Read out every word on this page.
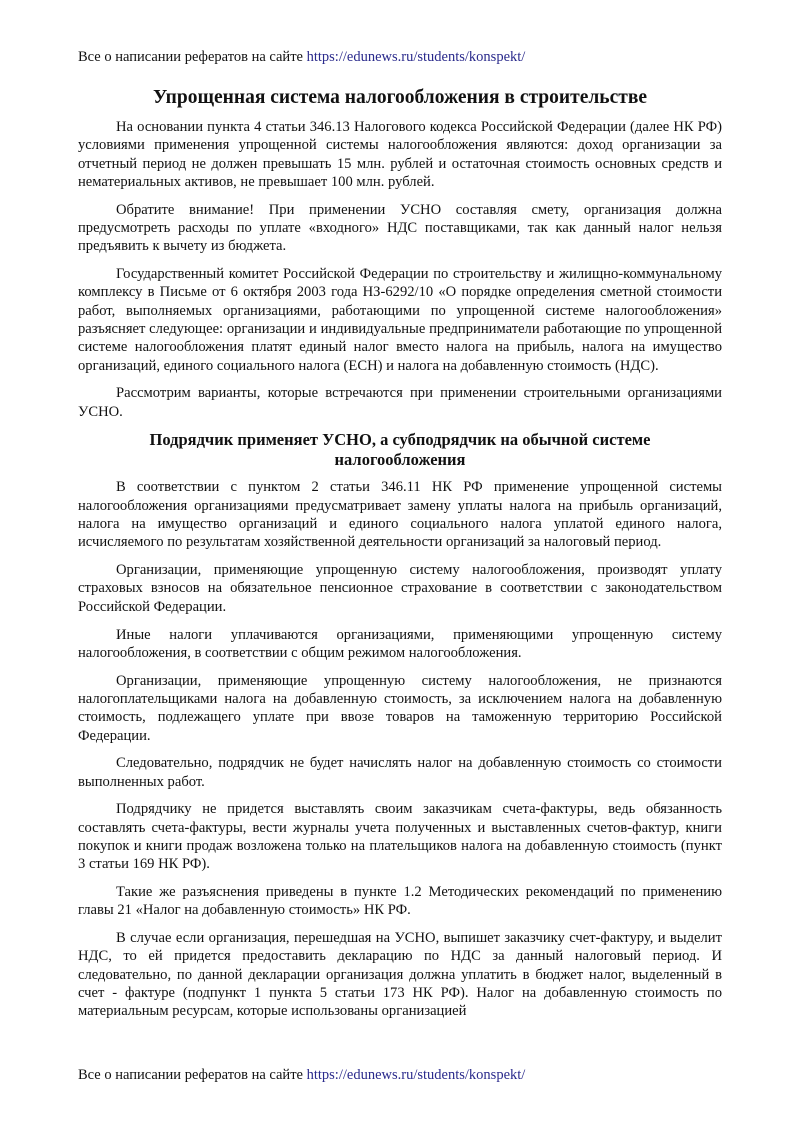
Все о написании рефератов на сайте https://edunews.ru/students/konspekt/
Упрощенная система налогообложения в строительстве

На основании пункта 4 статьи 346.13 Налогового кодекса Российской Федерации (далее НК РФ) условиями применения упрощенной системы налогообложения являются: доход организации за отчетный период не должен превышать 15 млн. рублей и остаточная стоимость основных средств и нематериальных активов, не превышает 100 млн. рублей.

Обратите внимание! При применении УСНО составляя смету, организация должна предусмотреть расходы по уплате «входного» НДС поставщиками, так как данный налог нельзя предъявить к вычету из бюджета.

Государственный комитет Российской Федерации по строительству и жилищно-коммунальному комплексу в Письме от 6 октября 2003 года НЗ-6292/10 «О порядке определения сметной стоимости работ, выполняемых организациями, работающими по упрощенной системе налогообложения» разъясняет следующее: организации и индивидуальные предприниматели работающие по упрощенной системе налогообложения платят единый налог вместо налога на прибыль, налога на имущество организаций, единого социального налога (ЕСН) и налога на добавленную стоимость (НДС).

Рассмотрим варианты, которые встречаются при применении строительными организациями УСНО.

Подрядчик применяет УСНО, а субподрядчик на обычной системе налогообложения

В соответствии с пунктом 2 статьи 346.11 НК РФ применение упрощенной системы налогообложения организациями предусматривает замену уплаты налога на прибыль организаций, налога на имущество организаций и единого социального налога уплатой единого налога, исчисляемого по результатам хозяйственной деятельности организаций за налоговый период.

Организации, применяющие упрощенную систему налогообложения, производят уплату страховых взносов на обязательное пенсионное страхование в соответствии с законодательством Российской Федерации.

Иные налоги уплачиваются организациями, применяющими упрощенную систему налогообложения, в соответствии с общим режимом налогообложения.

Организации, применяющие упрощенную систему налогообложения, не признаются налогоплательщиками налога на добавленную стоимость, за исключением налога на добавленную стоимость, подлежащего уплате при ввозе товаров на таможенную территорию Российской Федерации.

Следовательно, подрядчик не будет начислять налог на добавленную стоимость со стоимости выполненных работ.

Подрядчику не придется выставлять своим заказчикам счета-фактуры, ведь обязанность составлять счета-фактуры, вести журналы учета полученных и выставленных счетов-фактур, книги покупок и книги продаж возложена только на плательщиков налога на добавленную стоимость (пункт 3 статьи 169 НК РФ).

Такие же разъяснения приведены в пункте 1.2 Методических рекомендаций по применению главы 21 «Налог на добавленную стоимость» НК РФ.

В случае если организация, перешедшая на УСНО, выпишет заказчику счет-фактуру, и выделит НДС, то ей придется предоставить декларацию по НДС за данный налоговый период. И следовательно, по данной декларации организация должна уплатить в бюджет налог, выделенный в счет - фактуре (подпункт 1 пункта 5 статьи 173 НК РФ). Налог на добавленную стоимость по материальным ресурсам, которые использованы организацией

Все о написании рефератов на сайте https://edunews.ru/students/konspekt/
